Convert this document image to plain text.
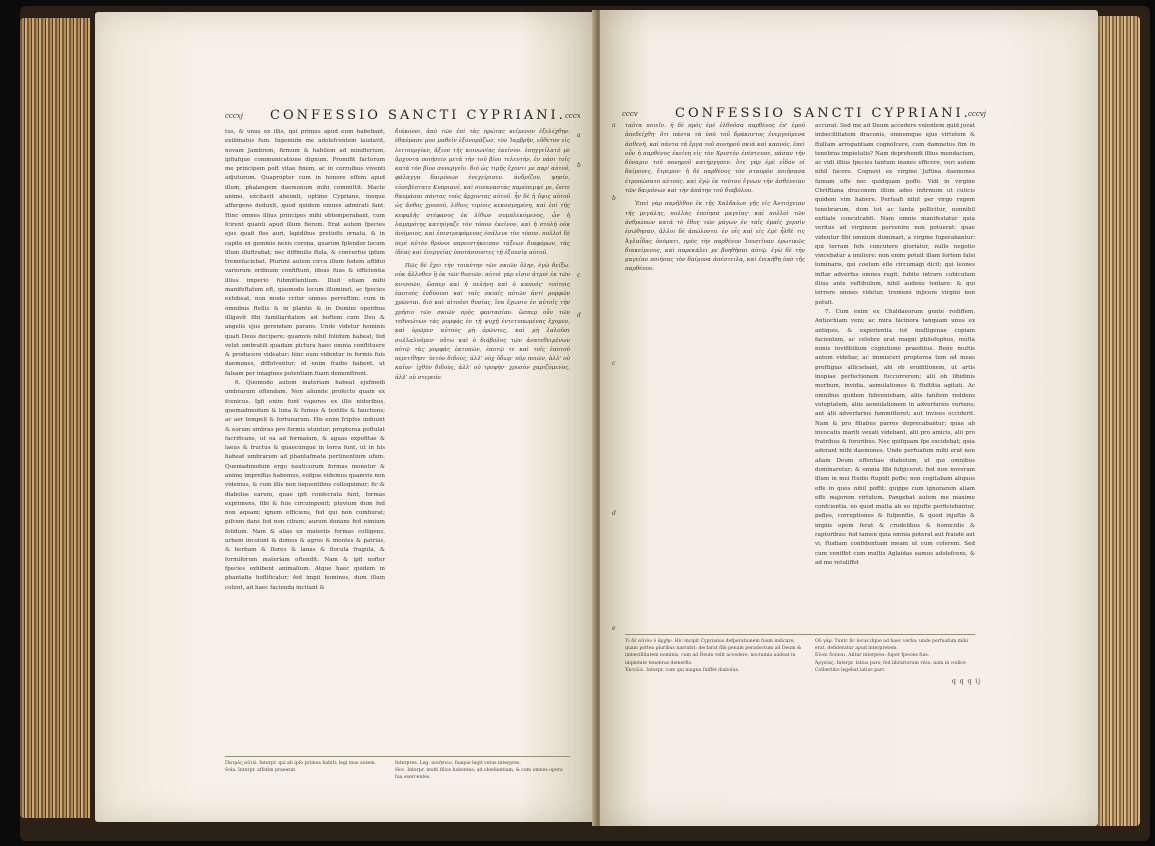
cccxj CONFESSIO SANCTI CYPRIANI. cccx

tus, & unus ex illis, qui primus apud eum habebant, exilimatus fum. Ingenium me adolefcentem laudavit, novam Jambrem, firmum & habilem ad miniflerium, ipfiufque communicatione dignum. Promifit factorum me principem poft vitae finem, ac in corruibus viventi adjuturum. Quapropter cum in honore effem apud illum, phalangem daemonum mihi committit. Macte animo, excitavit abeunti, optime Cypriane, meque affurgens deduxit, quod quidem omnes admirati fant. Hinc omnes illius principes mihi obtemperabant, cum fcirent quanti apud illum fierem. Erat autem fpecies ejus quafi flos auri, lapidibus pretiofis ornata, & in capite ex gemmis nexis corona, quarum fplendor locum illum illuftrabat; nec diffimilis ftola, & converfus ipfum tremefaciebat. Plurimi autem circa illum fedem affidui variorum ordinum confiftunt, ideas fuas & efficientia illius imperio fubmittentium. Illud etiam mihi manifeftatum eft, quomodo locum illuminet, ac fpecies exhibeat, non modo criter omnes perveftim; cum in omnibus ftellis & in plantis & in Domini operibus illigavit fibi familiaritatem ad hoftem cum Deo & angelis ejus gerendam parans. Unde videtur hominis quafi Deus decipere; quamvis nihil folidum habeat, fed velut umbratili quadam pictura haec omnia conftituere & producere videatur; hinc eum videntur in formis fuis daemones, diffolvuntur; id enim fradio habent, ut falsam per imagines potentiam fuam demonftrent.

6. Quomodo autem materiam habeat ejufmodi umbrarum oftendam. Non aliunde profecto quam ex fcenicus. Ipfi enim funt vapores ex illis nidoribus, quemadmodum & luna & fumus & textilis & fauchons; ac aer tempeli & fortunarum. His enim fcipfos induunt & eorum umbras pro formis utuntur; propterea poftulat facrificans, ut ea ad formaium, & aguas expofitae & laeus & fructus & quaecunque in terra funt, ut in his habeat umbrarum ad phantafmata pertinentium ufum. Quemadmodum ergo nauticorum formas monetur & animo impreffas habemus, eofque videmus quamvis non videmus, & cum illis non loquentibus colloquimur; fic & diabolus earum, quae ipfi confecrata funt, formas exprimens, fibi & fuis circumponit; pluvium dum fed non aquam; ignem efficiens, fed qui non comburat; pifcem dans fed non cibum; aurum donans fed nimium folidum. Nam & alias ex materiis formas colligens, urbem incolunt & domos & agros & montes & patrias, & herbam & flores & lanas & flocula fragula, & formiforum materiam oftendit. Nam & ipfi nofter fpecies exhibent animalium. Atque haec quidem in phantafia hoflificatur; fed impii homines, dum illum colunt, ad haec facienda incitant &

διάκονοι, ἀπὸ τῶν ἐπὶ τὰς πρώτας κεῖμενον ἐξελέχθην. ἐθαύμασε μου μαθεῖν ἐξονομάζων, τὸν Ἰαμβρῆν, εὔθετον εἰς λειτουργίαν, ἄξιον τῆς κοινωνίας ἐκείνου. ἐπηγγείλατό με ἄρχοντα ποιήσειν μετὰ τὴν τοῦ βίου τελευτήν, ἐν πάσι τοῖς κατὰ τὸν βίον συνεργεῖν. διὸ ὡς τιμῆς ἔχοντι με παρ' αὐτοῦ, φάλαγγα δαιμόνων ἐνεχείρισεν. ἀνδρίζου, φησίν, εὐσεβέστατε Κυπριανέ, καὶ συναναστὰς παρέπεμψέ με, ὥστε θαυμάσαι πάντας τοὺς ἄρχοντας αὐτοῦ. ἦν δὲ ἡ ὄψις αὐτοῦ ὡς ἄνθος χρυσοῦ, λίθοις τιμίοις κεκοσμημένη, καὶ ἐπὶ τῆς κεφαλῆς στέφανος ἐκ λίθων συμπλεκόμενος, ὧν ἡ λαμπρότης κατηύγαζε τὸν τόπον ἐκεῖνον, καὶ ἡ στολὴ οὐκ ἀνόμοιος, καὶ ἐπιστρεφόμενος ἐσάλευε τὸν τόπον. πολλοὶ δὲ περὶ αὐτὸν θρόνοι παρειστήκεισαν τάξεων διαφόρων, τὰς ἰδέας καὶ ἐνεργείας ὑποτάσσοντες τῇ ἐξουσίᾳ αὐτοῦ.

Πῶς δὲ ἔχει τὴν τοιαύτην τῶν σκιῶν ὕλην, ἐγὼ δείξω. οὐκ ἄλλοθεν ἢ ἐκ τῶν θυσιῶν. αὐτοὶ γάρ εἰσιν ἀτμοὶ ἐκ τῶν κνισσῶν, ὥσπερ καὶ ἡ σελήνη καὶ ὁ καπνός· τούτοις ἑαυτοὺς ἐνδύουσι καὶ ταῖς σκιαῖς αὐτῶν ἀντὶ μορφῶν χρῶνται. διὸ καὶ αἰτοῦσι θυσίας, ἵνα ἔχωσιν ἐν αὐτοῖς τὴν χρῆσιν τῶν σκιῶν πρὸς φαντασίαν. ὥσπερ οὖν τῶν τεθνεώτων τὰς μορφὰς ἐν τῇ ψυχῇ ἐντετυπωμένας ἔχομεν, καὶ ὁρῶμεν αὐτοὺς μὴ ὁρῶντες, καὶ μὴ λαλοῦσι συλλαλοῦμεν· οὕτω καὶ ὁ διάβολος τῶν ἀνατεθειμένων αὐτῷ τὰς μορφὰς ἐκτυπῶν, ἑαυτῷ τε καὶ τοῖς ἑαυτοῦ περιτίθησι· ὑετὸν διδοὺς, ἀλλ' οὐχ ὕδωρ· πῦρ ποιῶν, ἀλλ' οὐ καῖον· ἰχθὺν διδοὺς, ἀλλ' οὐ τροφήν· χρυσὸν χαριζόμενος, ἀλλ' οὐ στερεόν.

a
b
c
d
Πατρὸς αὐτῷ. Interpr. qui ab ipfo primus habiti; legi mus autem.
Sola. Interpr. affatim praeerat.
Interpres. Leg. ποιήσειν, fuaque legit vetus interpres.
Hoc. Interpr. multi filios habentes; ad obedientiam, & cum omnes opera fua exercentes.
cccv	CONFESSIO SANCTI CYPRIANI.
cccvj
a
b
c
d
e

ταῦτα ποιεῖν. ἡ δὲ πρὸς ἐμὲ ἐλθοῦσα παρθένος ἐπ' ἐμοῦ ἀπεδείχθη· ὅτι πάντα τὰ ὑπὸ τοῦ δράκοντος ἐνεργούμενα ἀσθενῆ, καὶ πάντα τὰ ἔργα τοῦ πονηροῦ σκιὰ καὶ καπνός. ἐπεὶ οὖν ἡ παρθένος ἐκείνη εἰς τὸν Χριστὸν ἐπίστευσε, πάσαν τὴν δύναμιν τοῦ πονηροῦ κατήργησεν. ὅτε γὰρ ἐμὲ εἶδον οἱ δαίμονες, ἔτρεμον· ἡ δὲ παρθένος τὸν σταυρὸν ποιήσασα ἐτροπώσατο αὐτούς. καὶ ἐγὼ ἐκ τούτου ἔγνων τὴν ἀσθένειαν τῶν δαιμόνων καὶ τὴν ἀπάτην τοῦ διαβόλου.

Ἐπεὶ γὰρ παρῆλθον ἐκ τῆς Χαλδαίων γῆς εἰς Ἀντιόχειαν τῆς μεγάλης, πολλὰς ἐποίησα μαγείας· καὶ πολλοὶ τῶν ἀνθρώπων κατὰ τὸ ἔθος τῶν μάγων ἐν ταῖς ἐμαῖς χερσὶν ἐσώθησαν, ἄλλοι δὲ ἀπώλοντο. ἐν οἷς καὶ εἰς ἐμὲ ἦλθέ τις Ἀγλαΐδας ὀνόματι, πρὸς τὴν παρθένον Ἰουστῖναν ἐρωτικῶς διακείμενος, καὶ παρεκάλει με βοηθῆσαι αὐτῷ. ἐγὼ δὲ τὴν μαγείαν ποιήσας τὸν δαίμονα ἀπέστειλα, καὶ ἐνικήθη ὑπὸ τῆς παρθένου.

accurat. Sed me ad Deum accedere volentem quid juvat imbecillitatem draconis, omnemque ejus virtutem & ftultam arrogantiam cognofcere, cum damnetus fim in tenebras impietatis? Nam deprehendi illius mendacium, ac vidi illius fpecies tantum inanes efficere, veri autem nihil facere. Cognovi ex virgine Juftina daemones fumam effe nec quidquam poffe. Vidi in virgine Chriftiana draconem illum adeo infirmum ut culicis quidem vim habere. Perfuafi nihil per virgo regem tenebrarum, dum tot ac tanta pollicitur, nonnihil exitiale conculcabit. Nam omnis manifestatur quia veritas ad virginem pervenire non potuerat: quae videntur fibi omnium dominari, a virgine fuperabantur: qui terram fefe concutere gloriatur, nullo negotio vincebatur a muliere: non enim potuit illam fortem falsi luminaris, qui coelum efle circumagi dicit; qui leones inftar adverfus omnes rugit, fubito intrare cubiculum illius ante veftibulum, nihil audens tentare: & qui terrere omnes videtur, tremens injicere virgini non potuit.

7. Cum enim ex Chaldaeorum gente rediffem, Antiochiam veni; ac mira facinora tanquam unus ex antiquis, & experientia tot multigenae copiam facientem, ac celebre erat magni philofophus, multa nimis invifibilium cognitione praeditus. Bene multis autem videbar, ac immisceri propterea tum ad meas preftigias alliciebant, alii ob eruditionem, ut artis inopiae perfectionem fuccurrerem; alii ob libidinis morbum, invidia, aemulationes & ftultitia agitati. Ac omnibus quidem fubveniebam, aliis fanitem reddens voluptatem, aliis aemulationem in adverfarios vertens; aut alii adverfarios fummitteret; aut invises occiderit. Nam & pro filiabus parres deprecabantur; quae ab invocatis mariti vexati videbant, alii pro amicis, alii pro fratribus & fororibus. Nec quifquam fpe excidebat; quia aderant mihi daemones. Unde perfuafum mihi erat non aliam Deum effentiae diabolum, ut qui omnibus dominaretur; & omnia fibi fubjiceret; fed non noveram illum in mei ftudio ftupidi poffe; non cogitabam aliquos effe in quos nihil poffit; quippe cum ignorarem aliam effe majorem virtutem. Pangebat autem me maxime confcientia, eo quod multa ab eo injufte perficiebantur, pefles, corruptiones & fufpenfiis, & quod injuftis & impiis opem ferat & crudelibus & homicidis & raptoribus: fed tamen quia omnia poterat aut fraude aut vi, ftudiam confidentiam meam ut cum colerem. Sed cum veniffet cum multis Aglaidas eamus adolefcens, & ad me retuliffet

Τί δὲ αὐτὸν ὁ ἀρχὴν. Hic incipit Cyprianus defperationem fuam indicare, quam poftea pluribus narrabit: declarat fibi penam peradoctum ad Deum & imbecillitatem nominis, cum ad Deum velit accedere, noctumia audeat in impietate tenebras demerfis.
Ἐκτελὼ. Interpr. cum qui magna fuiffet diabolus.
Οὐ γάρ. Tuntc fic locus ifque ad haec verba, unde perfuafum mihi erat, defideratur apud interpretem.
Εἰναι δοῦναι. Alitur interpres: fuper fpecies fuis.
Ἀργείας. Interpr. latius pars; fed librariorum vitio, nam in codice Colbertino legebat latius parr.
q q q ij
